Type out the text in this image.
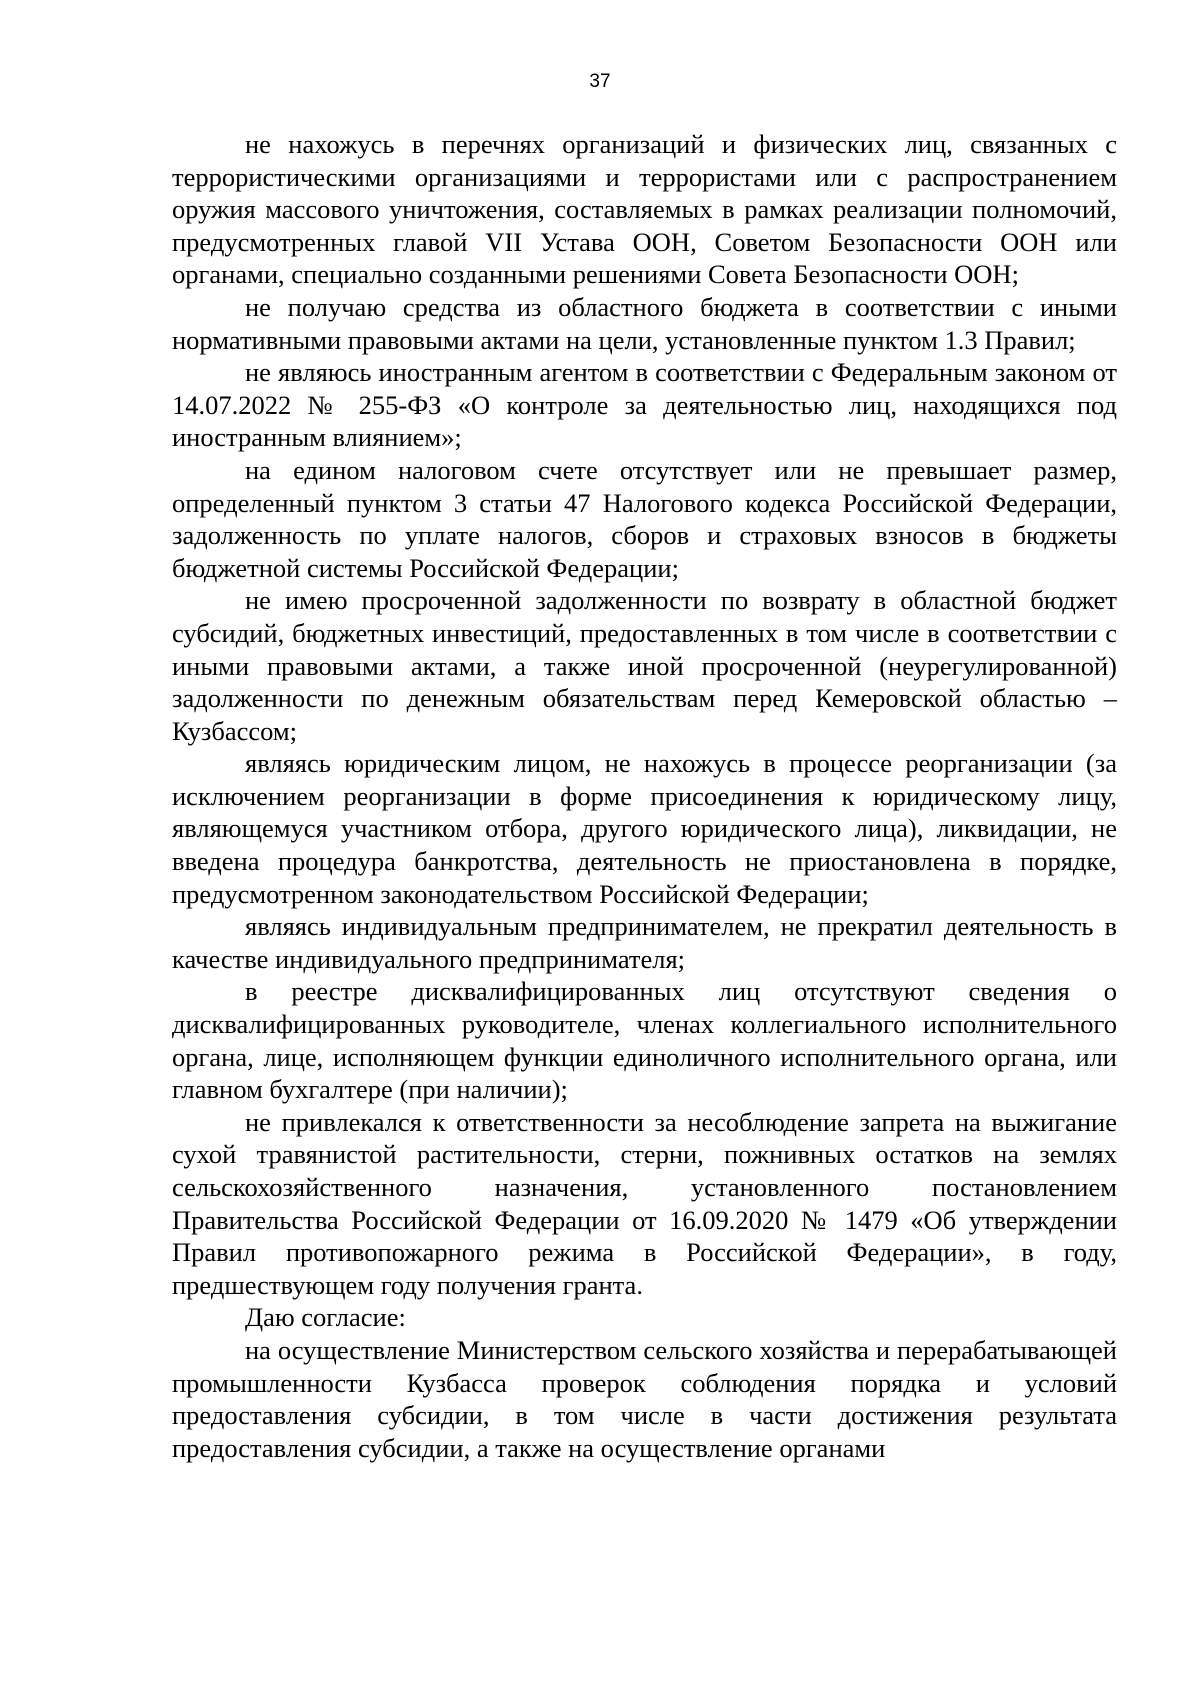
37

не нахожусь в перечнях организаций и физических лиц, связанных с террористическими организациями и террористами или с распространением оружия массового уничтожения, составляемых в рамках реализации полномочий, предусмотренных главой VII Устава ООН, Советом Безопасности ООН или органами, специально созданными решениями Совета Безопасности ООН;

не получаю средства из областного бюджета в соответствии с иными нормативными правовыми актами на цели, установленные пунктом 1.3 Правил;

не являюсь иностранным агентом в соответствии с Федеральным законом от 14.07.2022 № 255-ФЗ «О контроле за деятельностью лиц, находящихся под иностранным влиянием»;

на едином налоговом счете отсутствует или не превышает размер, определенный пунктом 3 статьи 47 Налогового кодекса Российской Федерации, задолженность по уплате налогов, сборов и страховых взносов в бюджеты бюджетной системы Российской Федерации;

не имею просроченной задолженности по возврату в областной бюджет субсидий, бюджетных инвестиций, предоставленных в том числе в соответствии с иными правовыми актами, а также иной просроченной (неурегулированной) задолженности по денежным обязательствам перед Кемеровской областью – Кузбассом;

являясь юридическим лицом, не нахожусь в процессе реорганизации (за исключением реорганизации в форме присоединения к юридическому лицу, являющемуся участником отбора, другого юридического лица), ликвидации, не введена процедура банкротства, деятельность не приостановлена в порядке, предусмотренном законодательством Российской Федерации;

являясь индивидуальным предпринимателем, не прекратил деятельность в качестве индивидуального предпринимателя;

в реестре дисквалифицированных лиц отсутствуют сведения о дисквалифицированных руководителе, членах коллегиального исполнительного органа, лице, исполняющем функции единоличного исполнительного органа, или главном бухгалтере (при наличии);

не привлекался к ответственности за несоблюдение запрета на выжигание сухой травянистой растительности, стерни, пожнивных остатков на землях сельскохозяйственного назначения, установленного постановлением Правительства Российской Федерации от 16.09.2020 № 1479 «Об утверждении Правил противопожарного режима в Российской Федерации», в году, предшествующем году получения гранта.

Даю согласие:

на осуществление Министерством сельского хозяйства и перерабатывающей промышленности Кузбасса проверок соблюдения порядка и условий предоставления субсидии, в том числе в части достижения результата предоставления субсидии, а также на осуществление органами
